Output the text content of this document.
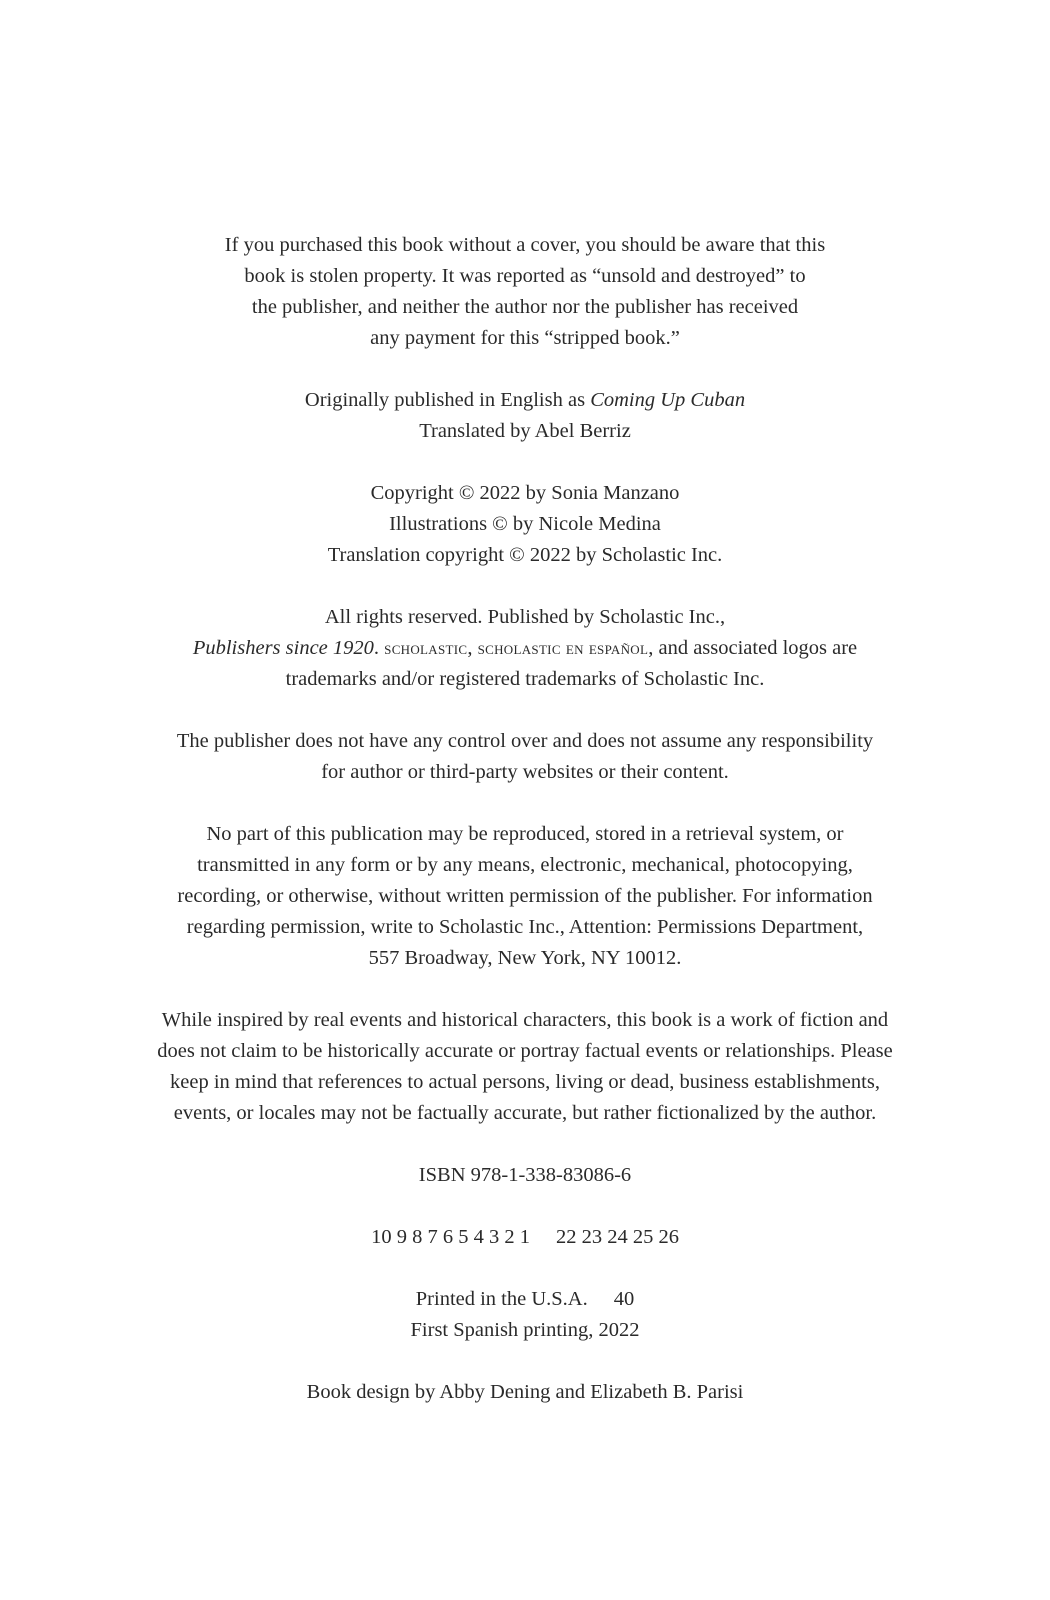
If you purchased this book without a cover, you should be aware that this
book is stolen property. It was reported as “unsold and destroyed” to
the publisher, and neither the author nor the publisher has received
any payment for this “stripped book.”
Originally published in English as Coming Up Cuban
Translated by Abel Berriz
Copyright © 2022 by Sonia Manzano
Illustrations © by Nicole Medina
Translation copyright © 2022 by Scholastic Inc.
All rights reserved. Published by Scholastic Inc.,
Publishers since 1920. scholastic, scholastic en español, and associated logos are
trademarks and/or registered trademarks of Scholastic Inc.
The publisher does not have any control over and does not assume any responsibility
for author or third-party websites or their content.
No part of this publication may be reproduced, stored in a retrieval system, or
transmitted in any form or by any means, electronic, mechanical, photocopying,
recording, or otherwise, without written permission of the publisher. For information
regarding permission, write to Scholastic Inc., Attention: Permissions Department,
557 Broadway, New York, NY 10012.
While inspired by real events and historical characters, this book is a work of fiction and
does not claim to be historically accurate or portray factual events or relationships. Please
keep in mind that references to actual persons, living or dead, business establishments,
events, or locales may not be factually accurate, but rather fictionalized by the author.
ISBN 978-1-338-83086-6
10 9 8 7 6 5 4 3 2 1 22 23 24 25 26
Printed in the U.S.A. 40
First Spanish printing, 2022
Book design by Abby Dening and Elizabeth B. Parisi
